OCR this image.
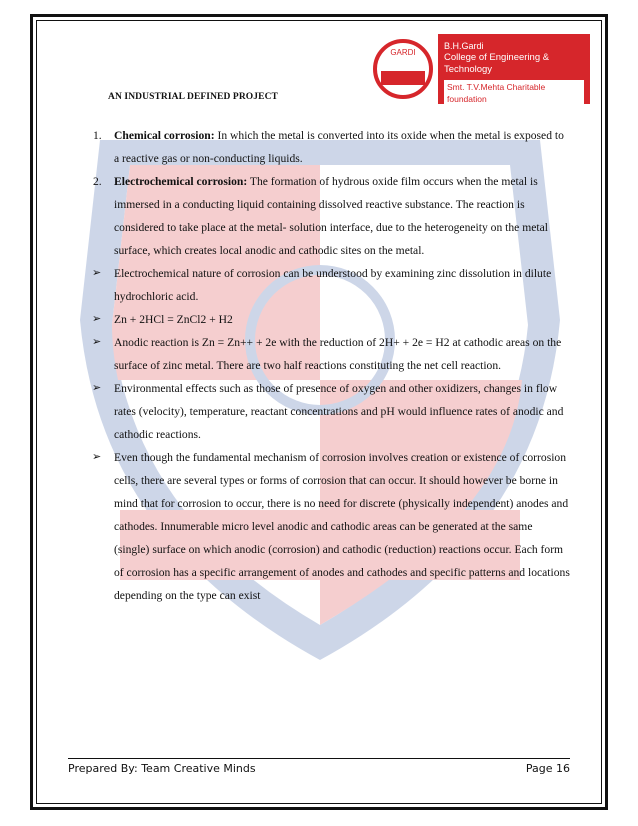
GARDI
B.H.Gardi
College of Engineering & Technology
Smt. T.V.Mehta Charitable foundation
AN INDUSTRIAL DEFINED PROJECT
1. Chemical corrosion: In which the metal is converted into its oxide when the metal is exposed to a reactive gas or non-conducting liquids.
2. Electrochemical corrosion: The formation of hydrous oxide film occurs when the metal is immersed in a conducting liquid containing dissolved reactive substance. The reaction is considered to take place at the metal- solution interface, due to the heterogeneity on the metal surface, which creates local anodic and cathodic sites on the metal.
➢ Electrochemical nature of corrosion can be understood by examining zinc dissolution in dilute hydrochloric acid.
➢ Zn + 2HCl = ZnCl2 + H2
➢ Anodic reaction is Zn = Zn++ + 2e with the reduction of 2H+ + 2e = H2 at cathodic areas on the surface of zinc metal. There are two half reactions constituting the net cell reaction.
➢ Environmental effects such as those of presence of oxygen and other oxidizers, changes in flow rates (velocity), temperature, reactant concentrations and pH would influence rates of anodic and cathodic reactions.
➢ Even though the fundamental mechanism of corrosion involves creation or existence of corrosion cells, there are several types or forms of corrosion that can occur. It should however be borne in mind that for corrosion to occur, there is no need for discrete (physically independent) anodes and cathodes. Innumerable micro level anodic and cathodic areas can be generated at the same (single) surface on which anodic (corrosion) and cathodic (reduction) reactions occur. Each form of corrosion has a specific arrangement of anodes and cathodes and specific patterns and locations depending on the type can exist
Prepared By: Team Creative Minds	Page 16
